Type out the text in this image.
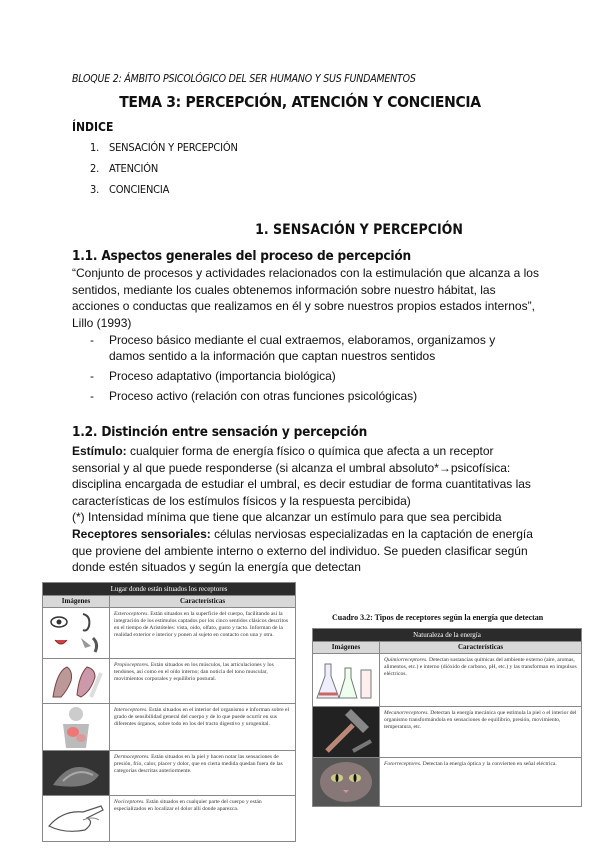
BLOQUE 2: ÁMBITO PSICOLÓGICO DEL SER HUMANO Y SUS FUNDAMENTOS
TEMA 3: PERCEPCIÓN, ATENCIÓN Y CONCIENCIA
ÍNDICE
1. SENSACIÓN Y PERCEPCIÓN
2. ATENCIÓN
3. CONCIENCIA
1. SENSACIÓN Y PERCEPCIÓN
1.1. Aspectos generales del proceso de percepción
“Conjunto de procesos y actividades relacionados con la estimulación que alcanza a los sentidos, mediante los cuales obtenemos información sobre nuestro hábitat, las acciones o conductas que realizamos en él y sobre nuestros propios estados internos”, Lillo (1993)
- Proceso básico mediante el cual extraemos, elaboramos, organizamos y damos sentido a la información que captan nuestros sentidos
- Proceso adaptativo (importancia biológica)
- Proceso activo (relación con otras funciones psicológicas)
1.2. Distinción entre sensación y percepción
Estímulo: cualquier forma de energía físico o química que afecta a un receptor sensorial y al que puede responderse (si alcanza el umbral absoluto*→psicofísica: disciplina encargada de estudiar el umbral, es decir estudiar de forma cuantitativas las características de los estímulos físicos y la respuesta percibida)
(*) Intensidad mínima que tiene que alcanzar un estímulo para que sea percibida
Receptores sensoriales: células nerviosas especializadas en la captación de energía que proviene del ambiente interno o externo del individuo. Se pueden clasificar según donde estén situados y según la energía que detectan
Lugar donde están situados los receptores	
Imágenes	Características

	Exteroceptores. Están situados en la superficie del cuerpo, facilitando así la integración de los estímulos captados por los cinco sentidos clásicos descritos en el tiempo de Aristóteles: vista, oído, olfato, gusto y tacto. Informan de la realidad exterior e interior y ponen al sujeto en contacto con una y otra.

	Propioceptores. Están situados en los músculos, las articulaciones y los tendones, así como en el oído interno; dan noticia del tono muscular, movimientos corporales y equilibrio postural.

	Interoceptores. Están situados en el interior del organismo e informan sobre el grado de sensibilidad general del cuerpo y de lo que puede ocurrir en sus diferentes órganos, sobre todo en los del tracto digestivo y urogenital.

	Dermoceptores. Están situados en la piel y hacen notar las sensaciones de presión, frío, calor, placer y dolor, que en cierta medida quedan fuera de las categorías descritas anteriormente.

	Nociceptores. Están situados en cualquier parte del cuerpo y están especializados en localizar el dolor allí donde aparezca.
Cuadro 3.2: Tipos de receptores según la energía que detectan
Naturaleza de la energía	
Imágenes	Características

	Quimiorreceptores. Detectan sustancias químicas del ambiente externo (aire, aromas, alimentos, etc.) e interno (dióxido de carbono, pH, etc.) y las transforman en impulsos eléctricos.

	Mecanorreceptores. Detectan la energía mecánica que estimula la piel o el interior del organismo transformándola en sensaciones de equilibrio, presión, movimiento, temperatura, etc.

	Fotorreceptores. Detectan la energía óptica y la convierten en señal eléctrica.
